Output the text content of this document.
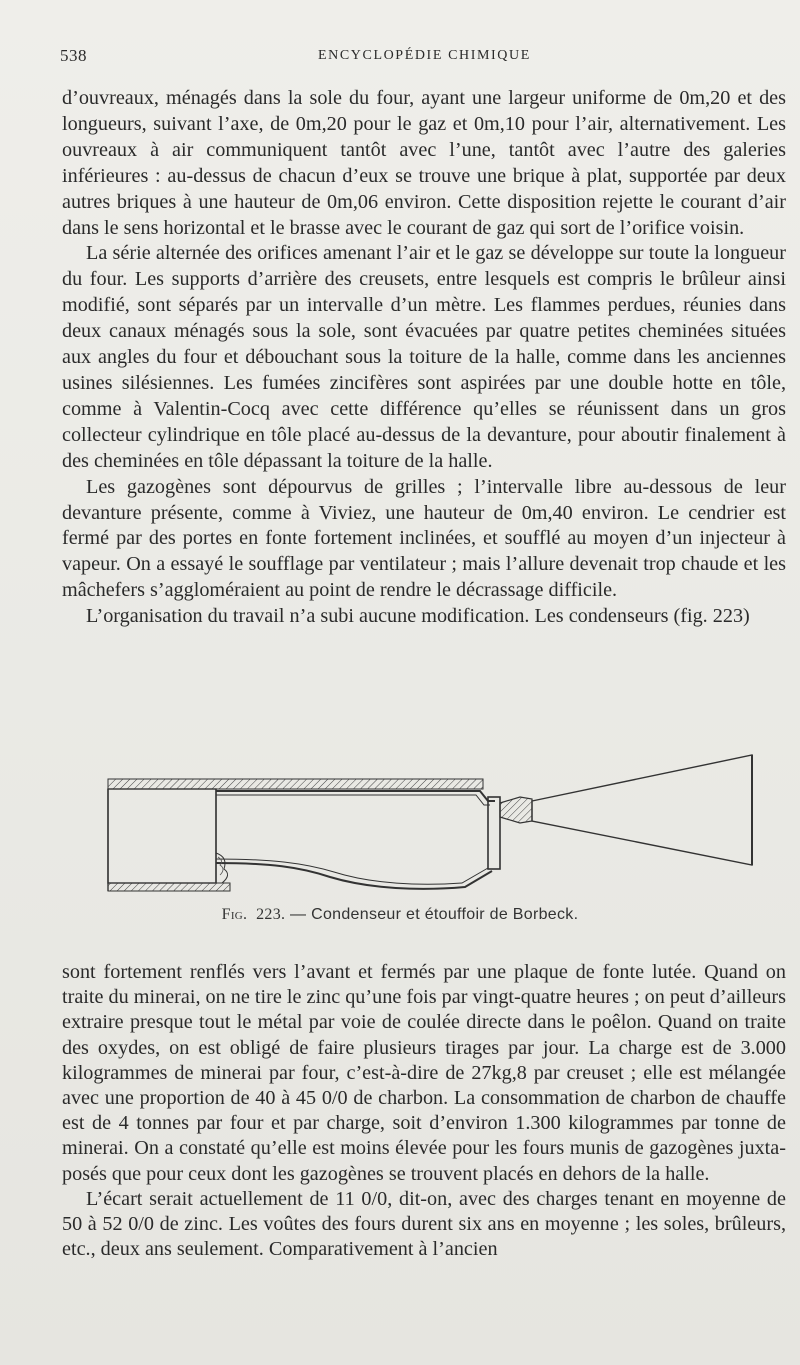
538	ENCYCLOPÉDIE CHIMIQUE

d’ouvreaux, ménagés dans la sole du four, ayant une largeur uniforme de 0m,20 et des longueurs, suivant l’axe, de 0m,20 pour le gaz et 0m,10 pour l’air, alternativement. Les ouvreaux à air communiquent tantôt avec l’une, tantôt avec l’autre des galeries inférieures : au-dessus de chacun d’eux se trouve une brique à plat, supportée par deux autres briques à une hauteur de 0m,06 environ. Cette disposition rejette le courant d’air dans le sens horizontal et le brasse avec le courant de gaz qui sort de l’orifice voisin.

La série alternée des orifices amenant l’air et le gaz se développe sur toute la longueur du four. Les supports d’arrière des creusets, entre lesquels est compris le brûleur ainsi modifié, sont séparés par un intervalle d’un mètre. Les flammes perdues, réunies dans deux canaux ménagés sous la sole, sont évacuées par quatre petites cheminées situées aux angles du four et débouchant sous la toiture de la halle, comme dans les anciennes usines silésiennes. Les fumées zincifères sont aspirées par une double hotte en tôle, comme à Valentin-Cocq avec cette différence qu’elles se réunissent dans un gros collecteur cylindrique en tôle placé au-dessus de la devanture, pour aboutir finalement à des cheminées en tôle dépassant la toiture de la halle.

Les gazogènes sont dépourvus de grilles ; l’intervalle libre au-dessous de leur devanture présente, comme à Viviez, une hauteur de 0m,40 environ. Le cendrier est fermé par des portes en fonte fortement inclinées, et soufflé au moyen d’un injecteur à vapeur. On a essayé le soufflage par ventilateur ; mais l’allure devenait trop chaude et les mâchefers s’aggloméraient au point de rendre le décrassage difficile.

L’organisation du travail n’a subi aucune modification. Les condenseurs (fig. 223)

Fig. 223. — Condenseur et étouffoir de Borbeck.

sont fortement renflés vers l’avant et fermés par une plaque de fonte lutée. Quand on traite du minerai, on ne tire le zinc qu’une fois par vingt-quatre heures ; on peut d’ailleurs extraire presque tout le métal par voie de coulée directe dans le poêlon. Quand on traite des oxydes, on est obligé de faire plusieurs tirages par jour. La charge est de 3.000 kilogrammes de minerai par four, c’est-à-dire de 27kg,8 par creuset ; elle est mélangée avec une proportion de 40 à 45 0/0 de charbon. La consommation de charbon de chauffe est de 4 tonnes par four et par charge, soit d’environ 1.300 kilogrammes par tonne de minerai. On a constaté qu’elle est moins élevée pour les fours munis de gazogènes juxtaposés que pour ceux dont les gazogènes se trouvent placés en dehors de la halle.

L’écart serait actuellement de 11 0/0, dit-on, avec des charges tenant en moyenne de 50 à 52 0/0 de zinc. Les voûtes des fours durent six ans en moyenne ; les soles, brûleurs, etc., deux ans seulement. Comparativement à l’ancien
